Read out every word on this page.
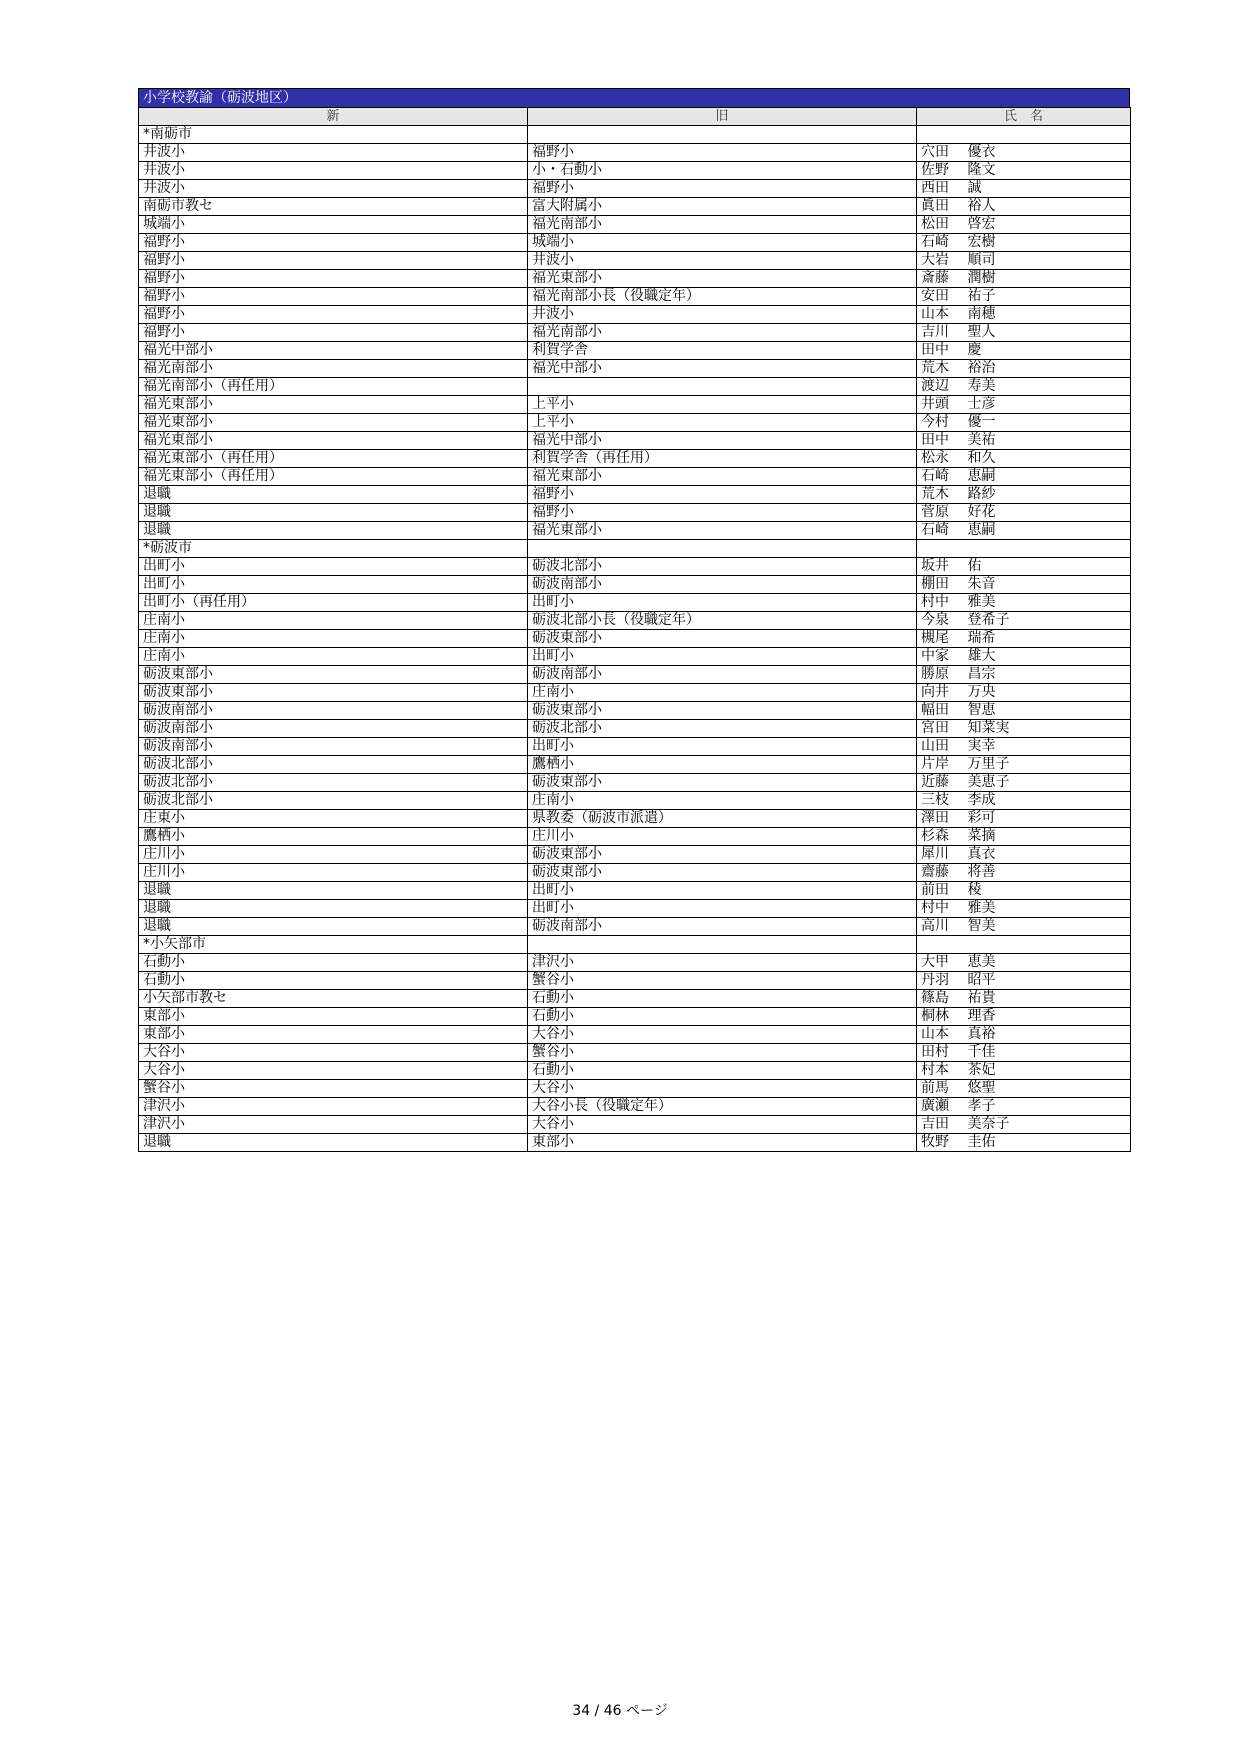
小学校教諭（砺波地区）
新	旧	氏　名
*南砺市		
井波小	福野小	穴田　 優衣
井波小	小・石動小	佐野　 隆文
井波小	福野小	西田　 誠
南砺市教セ	富大附属小	眞田　 裕人
城端小	福光南部小	松田　 啓宏
福野小	城端小	石崎　 宏樹
福野小	井波小	大岩　 順司
福野小	福光東部小	斎藤　 潤樹
福野小	福光南部小長（役職定年）	安田　 祐子
福野小	井波小	山本　 南穂
福野小	福光南部小	吉川　 聖人
福光中部小	利賀学舎	田中　 慶
福光南部小	福光中部小	荒木　 裕治
福光南部小（再任用）		渡辺　 寿美
福光東部小	上平小	井頭　 士彦
福光東部小	上平小	今村　 優一
福光東部小	福光中部小	田中　 美祐
福光東部小（再任用）	利賀学舎（再任用）	松永　 和久
福光東部小（再任用）	福光東部小	石崎　 恵嗣
退職	福野小	荒木　 路紗
退職	福野小	菅原　 好花
退職	福光東部小	石崎　 恵嗣
*砺波市		
出町小	砺波北部小	坂井　 佑
出町小	砺波南部小	棚田　 朱音
出町小（再任用）	出町小	村中　 雅美
庄南小	砺波北部小長（役職定年）	今泉　 登希子
庄南小	砺波東部小	槻尾　 瑞希
庄南小	出町小	中家　 雄大
砺波東部小	砺波南部小	勝原　 昌宗
砺波東部小	庄南小	向井　 万央
砺波南部小	砺波東部小	幅田　 智恵
砺波南部小	砺波北部小	宮田　 知菜実
砺波南部小	出町小	山田　 実幸
砺波北部小	鷹栖小	片岸　 万里子
砺波北部小	砺波東部小	近藤　 美恵子
砺波北部小	庄南小	三枝　 李成
庄東小	県教委（砺波市派遣）	澤田　 彩可
鷹栖小	庄川小	杉森　 菜摘
庄川小	砺波東部小	犀川　 真衣
庄川小	砺波東部小	齋藤　 将善
退職	出町小	前田　 稜
退職	出町小	村中　 雅美
退職	砺波南部小	高川　 智美
*小矢部市		
石動小	津沢小	大甲　 恵美
石動小	蟹谷小	丹羽　 昭平
小矢部市教セ	石動小	篠島　 祐貴
東部小	石動小	桐林　 理香
東部小	大谷小	山本　 真裕
大谷小	蟹谷小	田村　 千佳
大谷小	石動小	村本　 茶妃
蟹谷小	大谷小	前馬　 悠聖
津沢小	大谷小長（役職定年）	廣瀬　 孝子
津沢小	大谷小	吉田　 美奈子
退職	東部小	牧野　 圭佑
34 / 46 ページ
